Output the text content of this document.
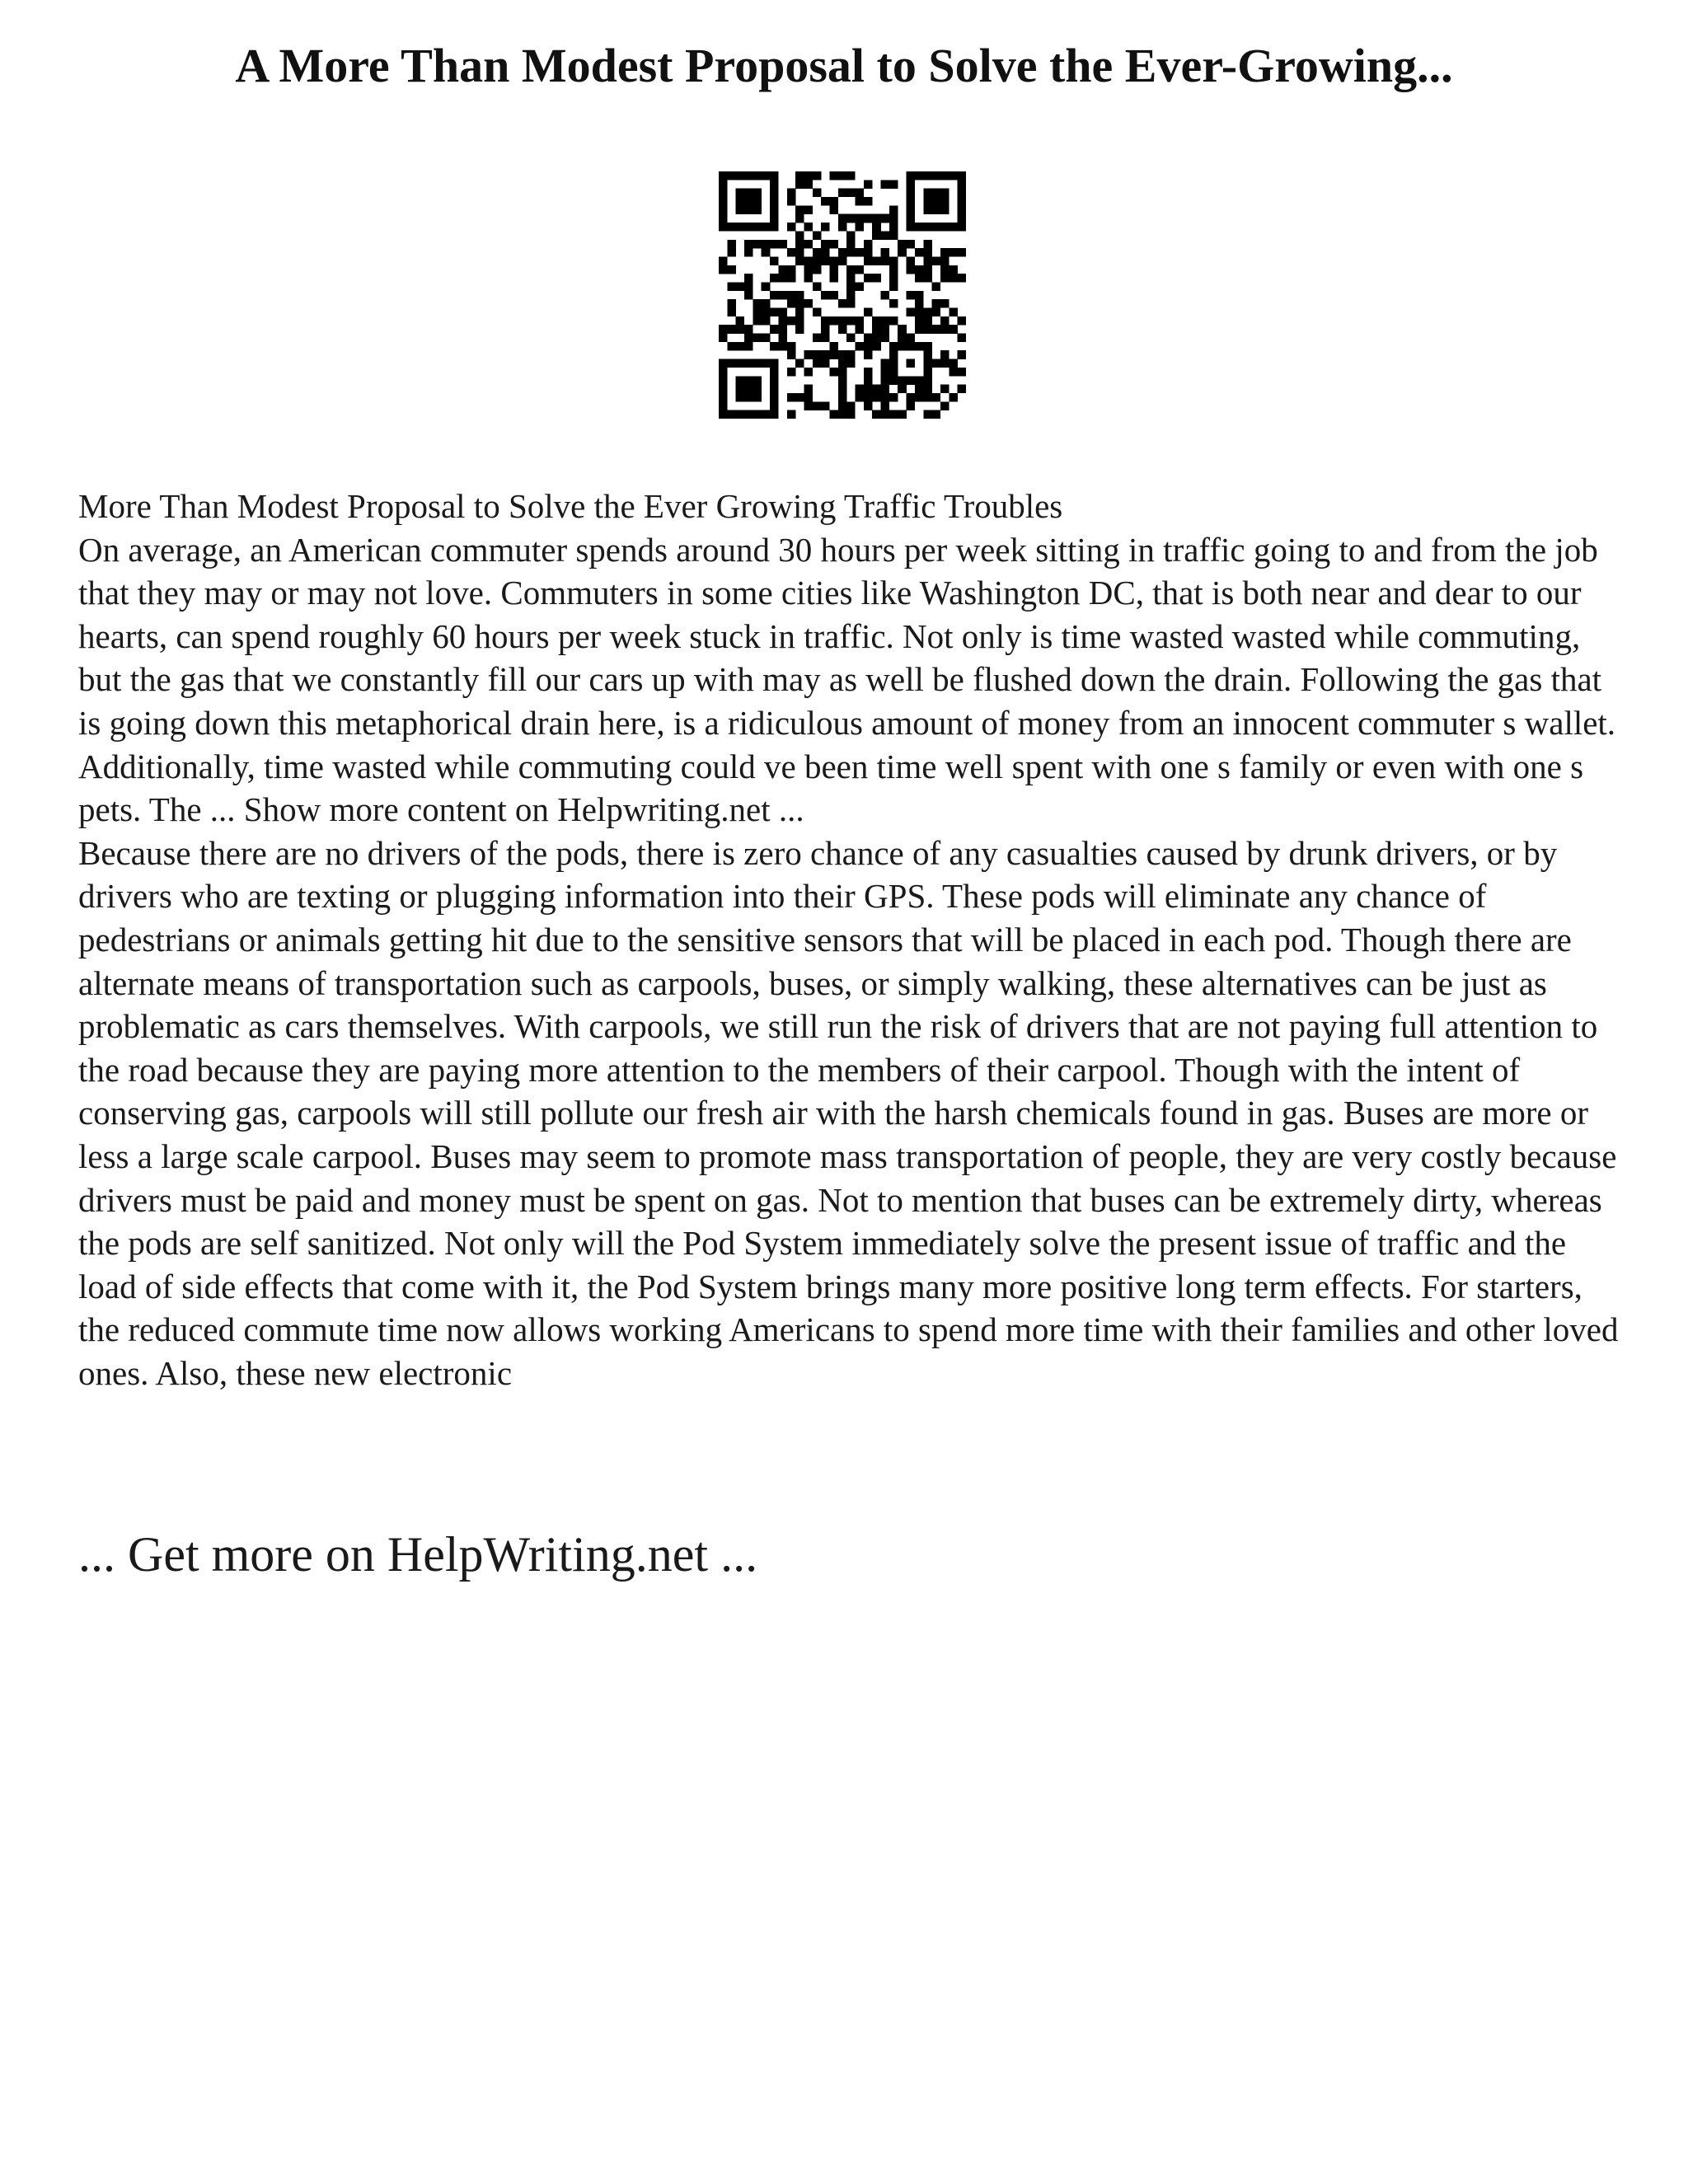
A More Than Modest Proposal to Solve the Ever-Growing...

More Than Modest Proposal to Solve the Ever Growing Traffic Troubles

On average, an American commuter spends around 30 hours per week sitting in traffic going to and from the job that they may or may not love. Commuters in some cities like Washington DC, that is both near and dear to our hearts, can spend roughly 60 hours per week stuck in traffic. Not only is time wasted wasted while commuting, but the gas that we constantly fill our cars up with may as well be flushed down the drain. Following the gas that is going down this metaphorical drain here, is a ridiculous amount of money from an innocent commuter s wallet. Additionally, time wasted while commuting could ve been time well spent with one s family or even with one s pets. The ... Show more content on Helpwriting.net ...

Because there are no drivers of the pods, there is zero chance of any casualties caused by drunk drivers, or by drivers who are texting or plugging information into their GPS. These pods will eliminate any chance of pedestrians or animals getting hit due to the sensitive sensors that will be placed in each pod. Though there are alternate means of transportation such as carpools, buses, or simply walking, these alternatives can be just as problematic as cars themselves. With carpools, we still run the risk of drivers that are not paying full attention to the road because they are paying more attention to the members of their carpool. Though with the intent of conserving gas, carpools will still pollute our fresh air with the harsh chemicals found in gas. Buses are more or less a large scale carpool. Buses may seem to promote mass transportation of people, they are very costly because drivers must be paid and money must be spent on gas. Not to mention that buses can be extremely dirty, whereas the pods are self sanitized. Not only will the Pod System immediately solve the present issue of traffic and the load of side effects that come with it, the Pod System brings many more positive long term effects. For starters, the reduced commute time now allows working Americans to spend more time with their families and other loved ones. Also, these new electronic

... Get more on HelpWriting.net ...
